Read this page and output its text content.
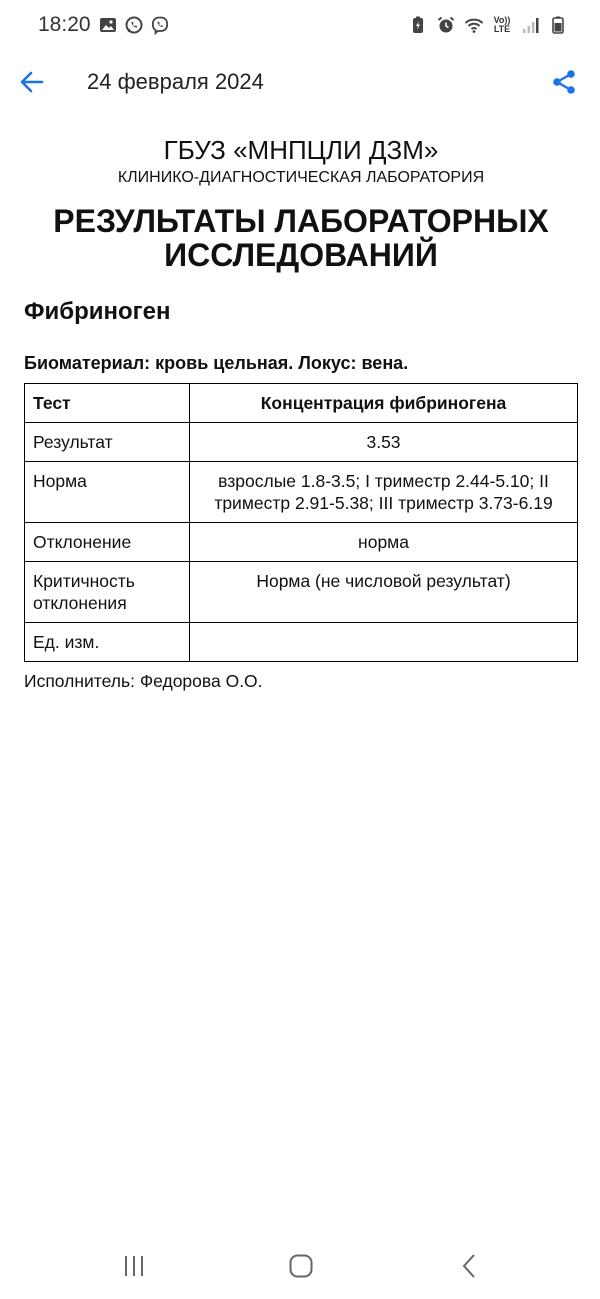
18:20	Vo))
LTE
24 февраля 2024
ГБУЗ «МНПЦЛИ ДЗМ»
КЛИНИКО-ДИАГНОСТИЧЕСКАЯ ЛАБОРАТОРИЯ
РЕЗУЛЬТАТЫ ЛАБОРАТОРНЫХ ИССЛЕДОВАНИЙ
Фибриноген
Биоматериал: кровь цельная. Локус: вена.
Тест	Концентрация фибриногена
Результат	3.53
Норма	взрослые 1.8-3.5; I триместр 2.44-5.10; II триместр 2.91-5.38; III триместр 3.73-6.19
Отклонение	норма
Критичность отклонения	Норма (не числовой результат)
Ед. изм.	
Исполнитель: Федорова О.О.
